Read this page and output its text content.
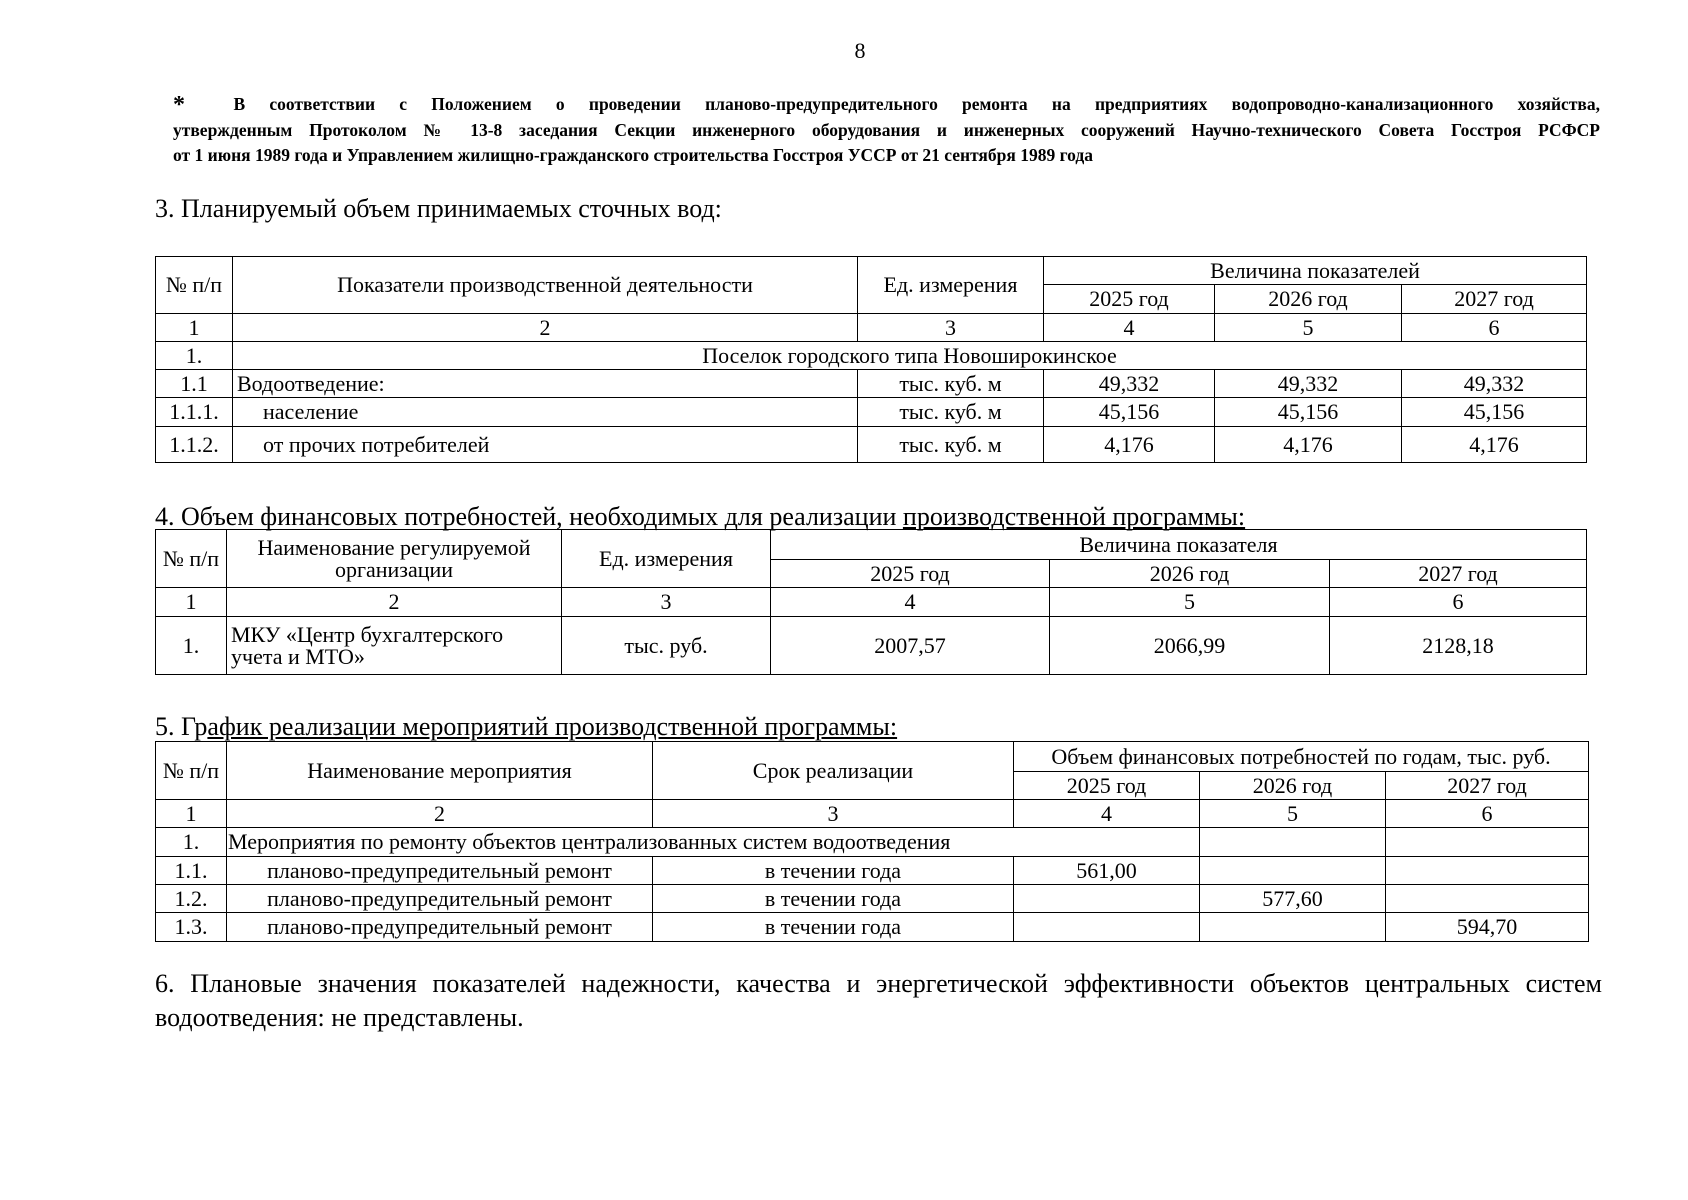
8
*	В соответствии с Положением о проведении планово-предупредительного ремонта на предприятиях водопроводно-канализационного хозяйства,
утвержденным Протоколом № 13-8 заседания Секции инженерного оборудования и инженерных сооружений Научно-технического Совета Госстроя РСФСР
от 1 июня 1989 года и Управлением жилищно-гражданского строительства Госстроя УССР от 21 сентября 1989 года
3. Планируемый объем принимаемых сточных вод:
№ п/п	Показатели производственной деятельности	Ед. измерения	Величина показателей		
			2025 год	2026 год	2027 год
1	2	3	4	5	6
1.	Поселок городского типа Новоширокинское				
1.1	Водоотведение:	тыс. куб. м	49,332	49,332	49,332
1.1.1.	население	тыс. куб. м	45,156	45,156	45,156
1.1.2.	от прочих потребителей	тыс. куб. м	4,176	4,176	4,176
4. Объем финансовых потребностей, необходимых для реализации производственной программы:
№ п/п	Наименование регулируемой организации	Ед. измерения	Величина показателя		
			2025 год	2026 год	2027 год
1	2	3	4	5	6
1.	МКУ «Центр бухгалтерского учета и МТО»	тыс. руб.	2007,57	2066,99	2128,18
5. График реализации мероприятий производственной программы:
№ п/п	Наименование мероприятия	Срок реализации	Объем финансовых потребностей по годам, тыс. руб.		
			2025 год	2026 год	2027 год
1	2	3	4	5	6
1.	Мероприятия по ремонту объектов централизованных систем водоотведения				
1.1.	планово-предупредительный ремонт	в течении года	561,00		
1.2.	планово-предупредительный ремонт	в течении года		577,60	
1.3.	планово-предупредительный ремонт	в течении года			594,70

6. Плановые значения показателей надежности, качества и энергетической эффективности объектов центральных систем водоотведения: не представлены.
